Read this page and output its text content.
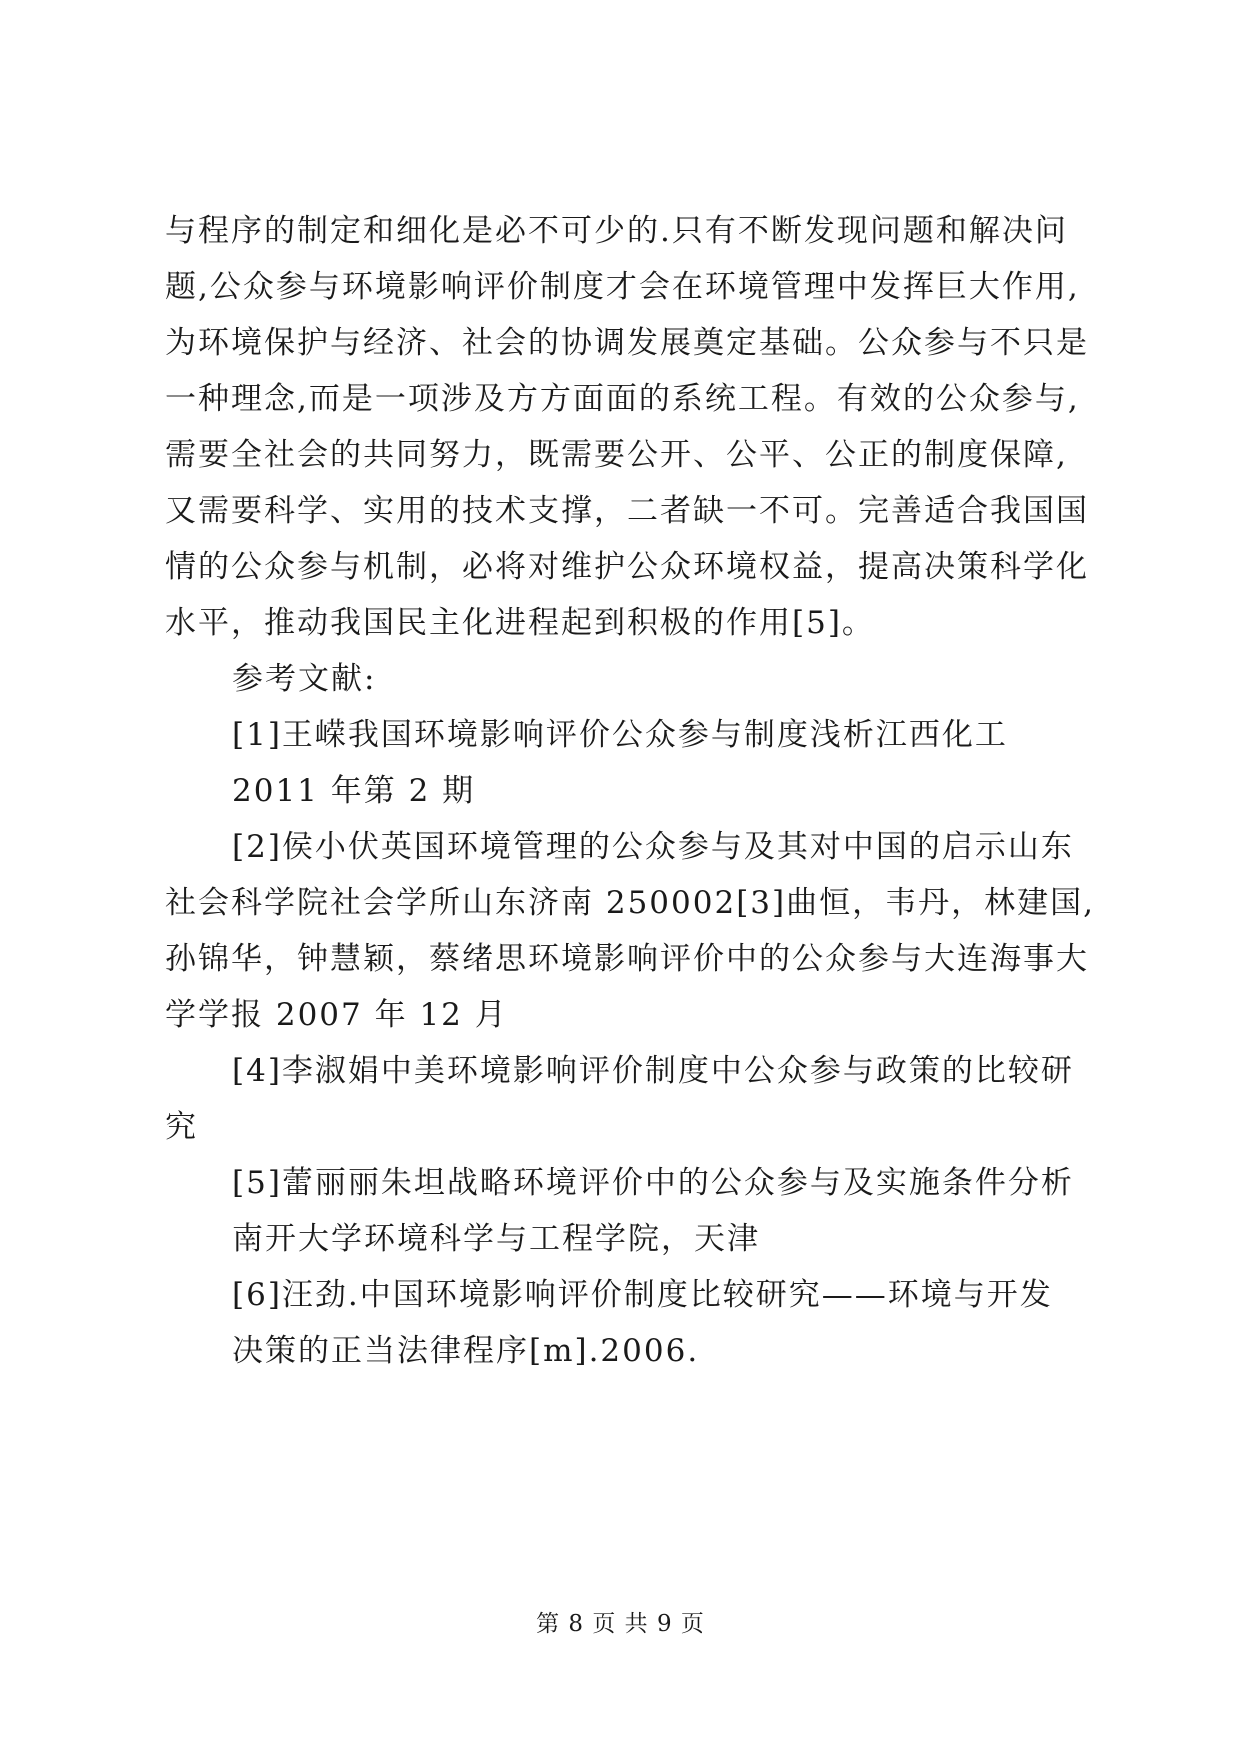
与程序的制定和细化是必不可少的.只有不断发现问题和解决问
题,公众参与环境影响评价制度才会在环境管理中发挥巨大作用,
为环境保护与经济、社会的协调发展奠定基础。公众参与不只是
一种理念,而是一项涉及方方面面的系统工程。有效的公众参与,
需要全社会的共同努力，既需要公开、公平、公正的制度保障,
又需要科学、实用的技术支撑，二者缺一不可。完善适合我国国
情的公众参与机制，必将对维护公众环境权益，提高决策科学化
水平，推动我国民主化进程起到积极的作用[5]。
参考文献:
[1]王嵘我国环境影响评价公众参与制度浅析江西化工
2011 年第 2 期
[2]侯小伏英国环境管理的公众参与及其对中国的启示山东
社会科学院社会学所山东济南 250002[3]曲恒，韦丹，林建国,
孙锦华，钟慧颖，蔡绪思环境影响评价中的公众参与大连海事大
学学报 2007 年 12 月
[4]李淑娟中美环境影响评价制度中公众参与政策的比较研
究
[5]蕾丽丽朱坦战略环境评价中的公众参与及实施条件分析
南开大学环境科学与工程学院，天津
[6]汪劲.中国环境影响评价制度比较研究——环境与开发
决策的正当法律程序[m].2006.
第 8 页 共 9 页
